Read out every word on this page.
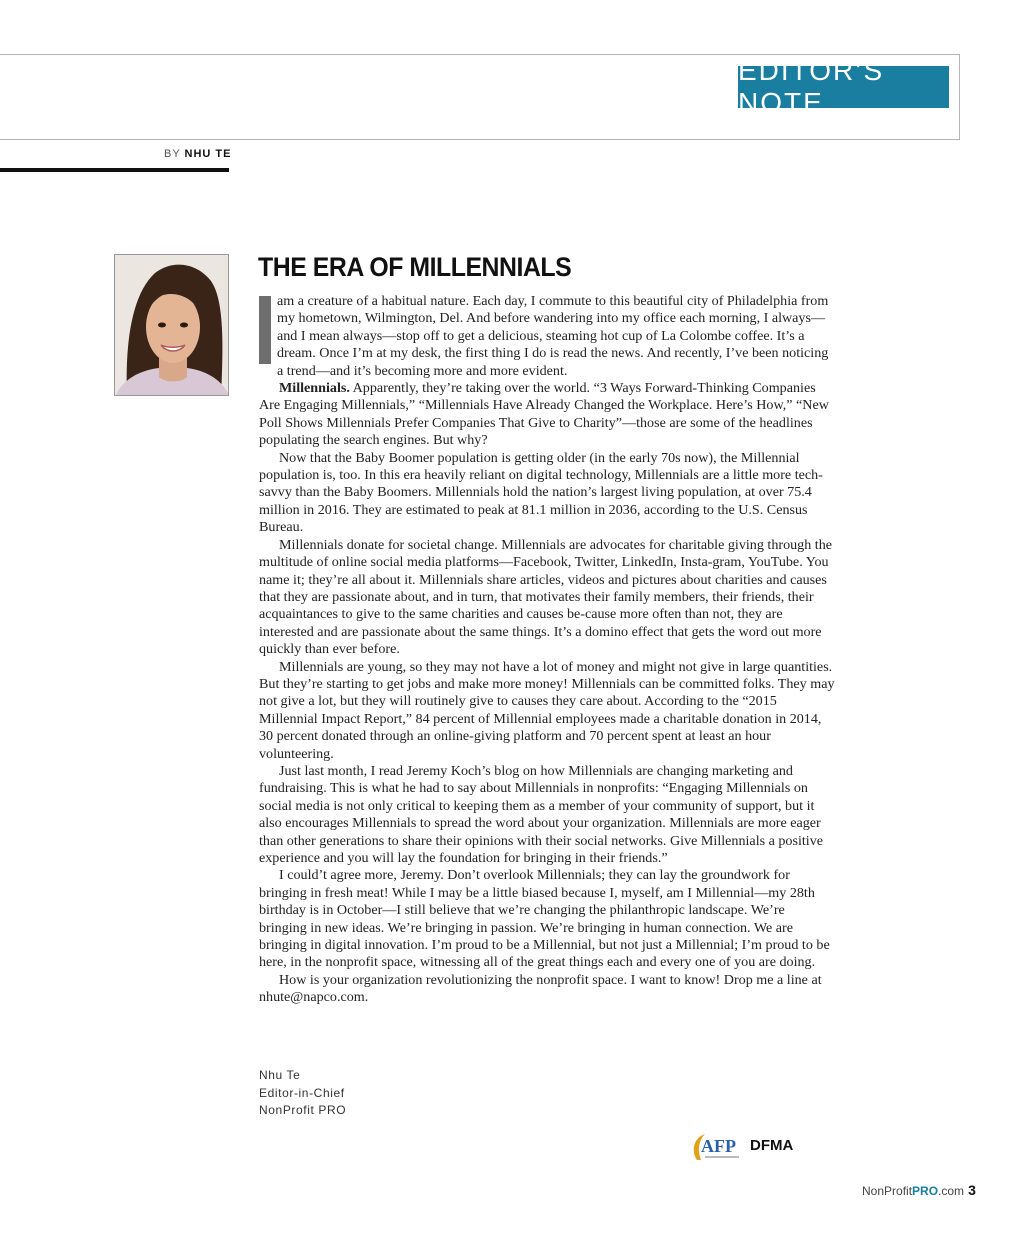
EDITOR’S NOTE
BY NHU TE
THE ERA OF MILLENNIALS

am a creature of a habitual nature. Each day, I commute to this beautiful city of Philadelphia from my hometown, Wilmington, Del. And before wandering into my office each morning, I always—and I mean always—stop off to get a delicious, steaming hot cup of La Colombe coffee. It’s a dream. Once I’m at my desk, the first thing I do is read the news. And recently, I’ve been noticing a trend—and it’s becoming more and more evident.

Millennials. Apparently, they’re taking over the world. “3 Ways Forward-Thinking Companies Are Engaging Millennials,” “Millennials Have Already Changed the Workplace. Here’s How,” “New Poll Shows Millennials Prefer Companies That Give to Charity”—those are some of the headlines populating the search engines. But why?

Now that the Baby Boomer population is getting older (in the early 70s now), the Millennial population is, too. In this era heavily reliant on digital technology, Millennials are a little more tech-savvy than the Baby Boomers. Millennials hold the nation’s largest living population, at over 75.4 million in 2016. They are estimated to peak at 81.1 million in 2036, according to the U.S. Census Bureau.

Millennials donate for societal change. Millennials are advocates for charitable giving through the multitude of online social media platforms—Facebook, Twitter, LinkedIn, Insta-gram, YouTube. You name it; they’re all about it. Millennials share articles, videos and pictures about charities and causes that they are passionate about, and in turn, that motivates their family members, their friends, their acquaintances to give to the same charities and causes be-cause more often than not, they are interested and are passionate about the same things. It’s a domino effect that gets the word out more quickly than ever before.

Millennials are young, so they may not have a lot of money and might not give in large quantities. But they’re starting to get jobs and make more money! Millennials can be committed folks. They may not give a lot, but they will routinely give to causes they care about. According to the “2015 Millennial Impact Report,” 84 percent of Millennial employees made a charitable donation in 2014, 30 percent donated through an online-giving platform and 70 percent spent at least an hour volunteering.

Just last month, I read Jeremy Koch’s blog on how Millennials are changing marketing and fundraising. This is what he had to say about Millennials in nonprofits: “Engaging Millennials on social media is not only critical to keeping them as a member of your community of support, but it also encourages Millennials to spread the word about your organization. Millennials are more eager than other generations to share their opinions with their social networks. Give Millennials a positive experience and you will lay the foundation for bringing in their friends.”

I could’t agree more, Jeremy. Don’t overlook Millennials; they can lay the groundwork for bringing in fresh meat! While I may be a little biased because I, myself, am I Millennial—my 28th birthday is in October—I still believe that we’re changing the philanthropic landscape. We’re bringing in new ideas. We’re bringing in passion. We’re bringing in human connection. We are bringing in digital innovation. I’m proud to be a Millennial, but not just a Millennial; I’m proud to be here, in the nonprofit space, witnessing all of the great things each and every one of you are doing.

How is your organization revolutionizing the nonprofit space. I want to know! Drop me a line at nhute@napco.com.

Nhu Te
Editor-in-Chief
NonProfit PRO
AFP DFMA
NonProfitPRO.com 3
